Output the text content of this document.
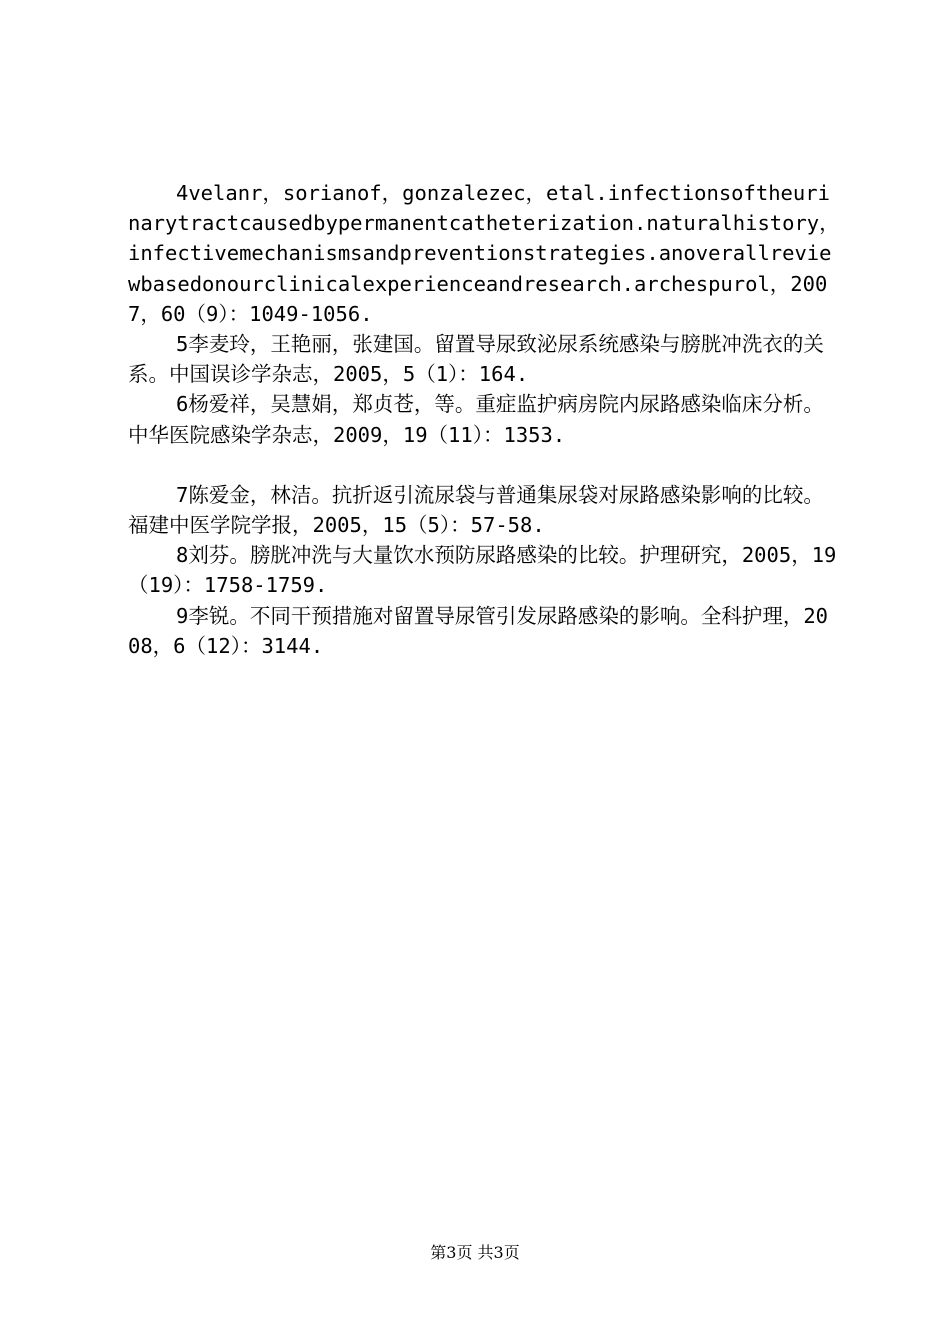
4velanr，sorianof，gonzalezec，etal.infectionsoftheurinarytractcausedbypermanentcatheterization.naturalhistory，infectivemechanismsandpreventionstrategies.anoverallreviewbasedonourclinicalexperienceandresearch.archespurol，2007，60（9）：1049-1056.

5李麦玲，王艳丽，张建国。留置导尿致泌尿系统感染与膀胱冲洗衣的关系。中国误诊学杂志，2005，5（1）：164.

6杨爱祥，吴慧娟，郑贞苍，等。重症监护病房院内尿路感染临床分析。中华医院感染学杂志，2009，19（11）：1353.

7陈爱金，林洁。抗折返引流尿袋与普通集尿袋对尿路感染影响的比较。福建中医学院学报，2005，15（5）：57-58.

8刘芬。膀胱冲洗与大量饮水预防尿路感染的比较。护理研究，2005，19（19）：1758-1759.

9李锐。不同干预措施对留置导尿管引发尿路感染的影响。全科护理，2008，6（12）：3144.

第3页 共3页
